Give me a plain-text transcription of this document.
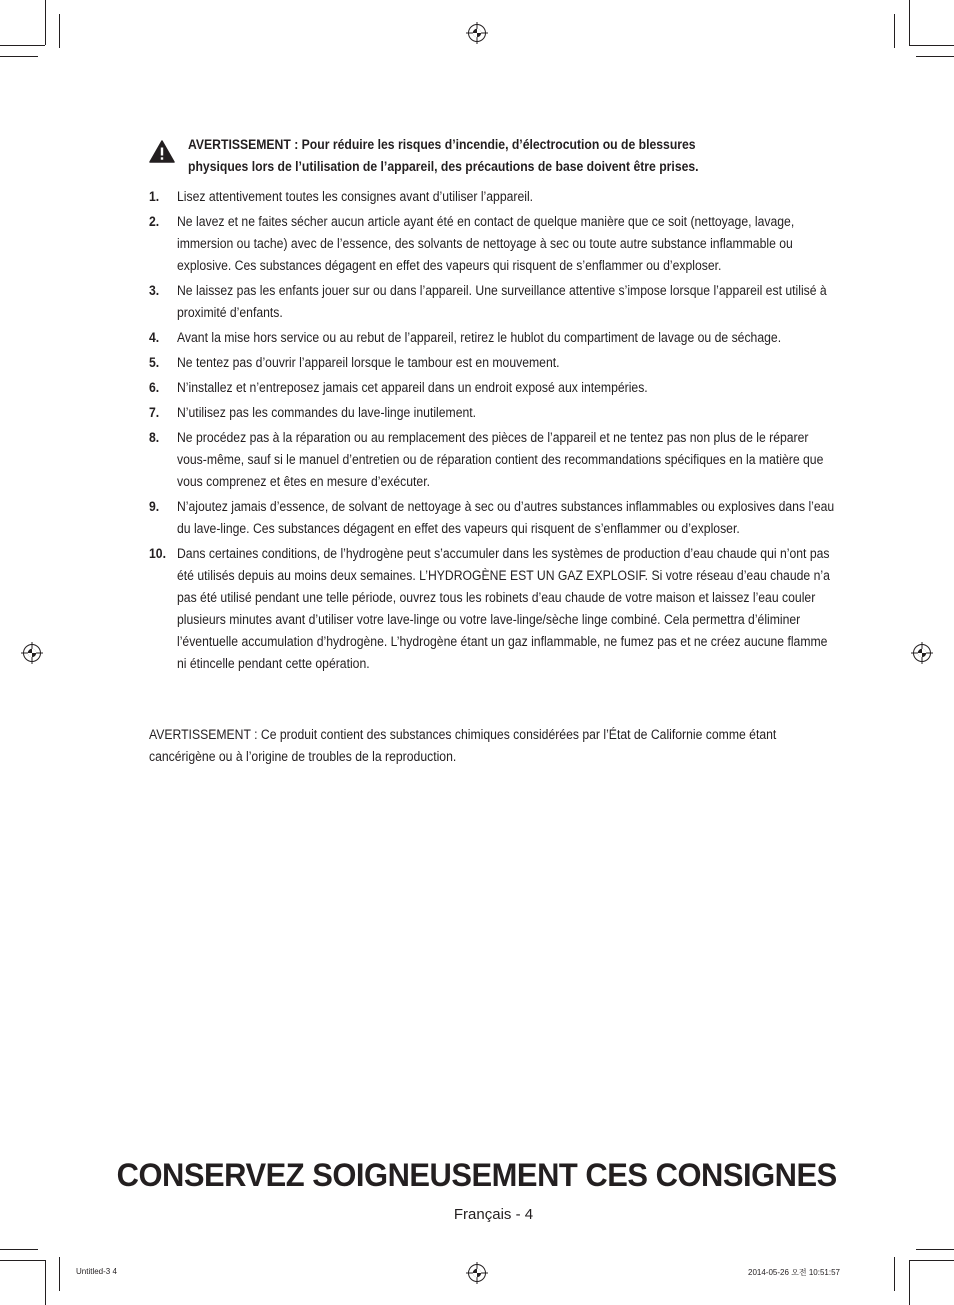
AVERTISSEMENT : Pour réduire les risques d’incendie, d’électrocution ou de blessures physiques lors de l’utilisation de l’appareil, des précautions de base doivent être prises.
1. Lisez attentivement toutes les consignes avant d’utiliser l’appareil.
2. Ne lavez et ne faites sécher aucun article ayant été en contact de quelque manière que ce soit (nettoyage, lavage, immersion ou tache) avec de l’essence, des solvants de nettoyage à sec ou toute autre substance inflammable ou explosive. Ces substances dégagent en effet des vapeurs qui risquent de s’enflammer ou d’exploser.
3. Ne laissez pas les enfants jouer sur ou dans l’appareil. Une surveillance attentive s’impose lorsque l’appareil est utilisé à proximité d’enfants.
4. Avant la mise hors service ou au rebut de l’appareil, retirez le hublot du compartiment de lavage ou de séchage.
5. Ne tentez pas d’ouvrir l’appareil lorsque le tambour est en mouvement.
6. N’installez et n’entreposez jamais cet appareil dans un endroit exposé aux intempéries.
7. N’utilisez pas les commandes du lave-linge inutilement.
8. Ne procédez pas à la réparation ou au remplacement des pièces de l’appareil et ne tentez pas non plus de le réparer vous-même, sauf si le manuel d’entretien ou de réparation contient des recommandations spécifiques en la matière que vous comprenez et êtes en mesure d’exécuter.
9. N’ajoutez jamais d’essence, de solvant de nettoyage à sec ou d’autres substances inflammables ou explosives dans l’eau du lave-linge. Ces substances dégagent en effet des vapeurs qui risquent de s’enflammer ou d’exploser.
10. Dans certaines conditions, de l’hydrogène peut s’accumuler dans les systèmes de production d’eau chaude qui n’ont pas été utilisés depuis au moins deux semaines. L’HYDROGÈNE EST UN GAZ EXPLOSIF. Si votre réseau d’eau chaude n’a pas été utilisé pendant une telle période, ouvrez tous les robinets d’eau chaude de votre maison et laissez l’eau couler plusieurs minutes avant d’utiliser votre lave-linge ou votre lave-linge/sèche linge combiné. Cela permettra d’éliminer l’éventuelle accumulation d’hydrogène. L’hydrogène étant un gaz inflammable, ne fumez pas et ne créez aucune flamme ni étincelle pendant cette opération.
AVERTISSEMENT : Ce produit contient des substances chimiques considérées par l’État de Californie comme étant cancérigène ou à l’origine de troubles de la reproduction.
CONSERVEZ SOIGNEUSEMENT CES CONSIGNES
Français - 4
Untitled-3 4	2014-05-26 오전 10:51:57
